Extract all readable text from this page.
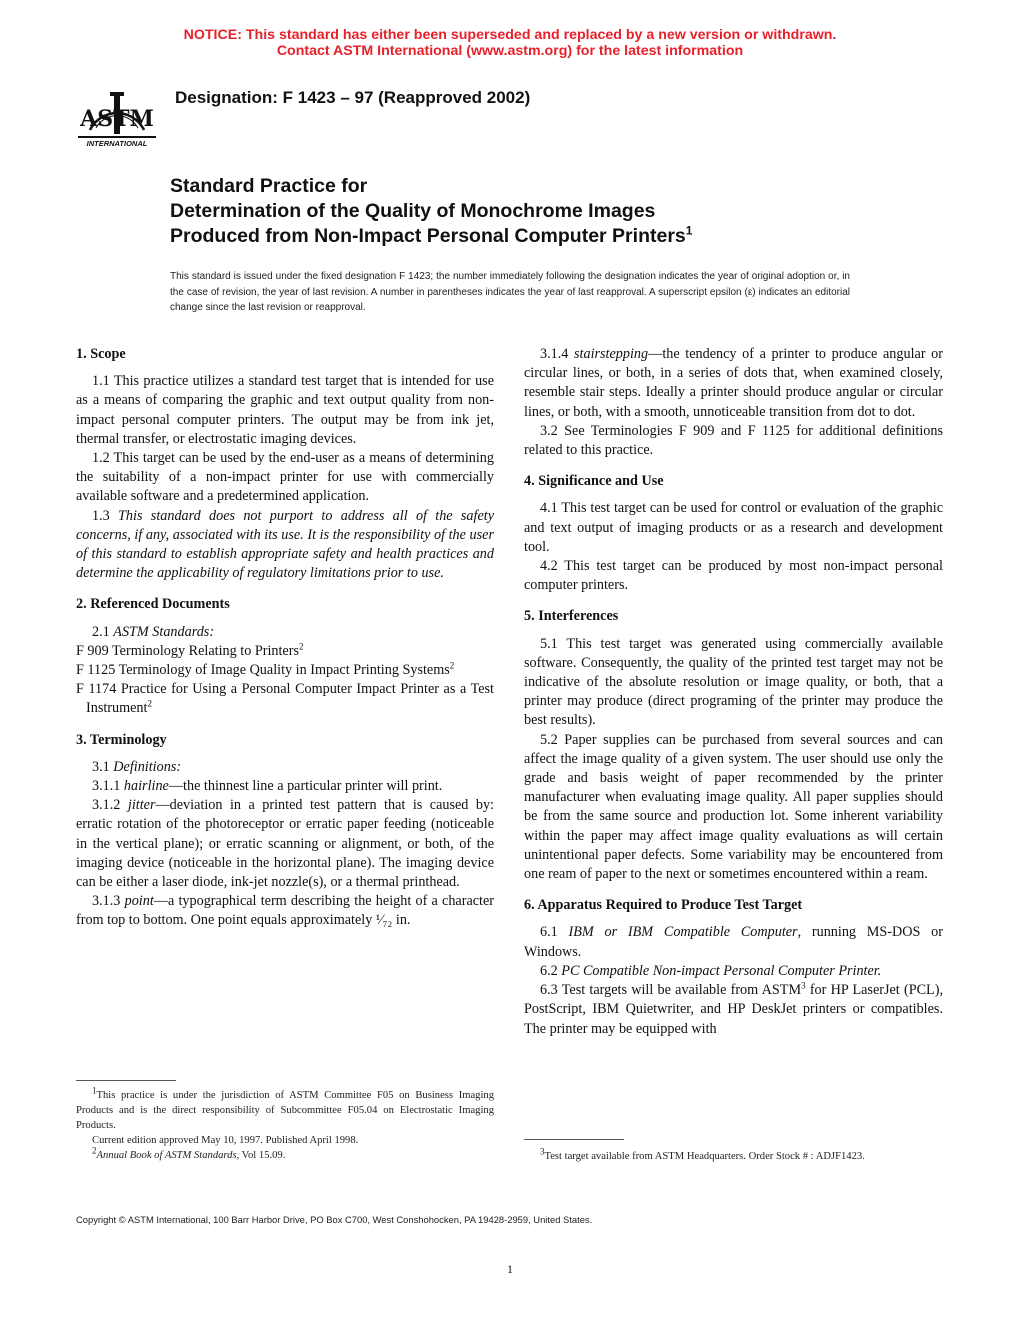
NOTICE: This standard has either been superseded and replaced by a new version or withdrawn.
Contact ASTM International (www.astm.org) for the latest information
ASTM
INTERNATIONAL
Designation: F 1423 – 97 (Reapproved 2002)
Standard Practice for
Determination of the Quality of Monochrome Images
Produced from Non-Impact Personal Computer Printers$^1$
This standard is issued under the fixed designation F 1423; the number immediately following the designation indicates the year of original adoption or, in the case of revision, the year of last revision. A number in parentheses indicates the year of last reapproval. A superscript epsilon (ε) indicates an editorial change since the last revision or reapproval.
1. Scope

1.1 This practice utilizes a standard test target that is intended for use as a means of comparing the graphic and text output quality from non-impact personal computer printers. The output may be from ink jet, thermal transfer, or electrostatic imaging devices.

1.2 This target can be used by the end-user as a means of determining the suitability of a non-impact printer for use with commercially available software and a predetermined application.

1.3 This standard does not purport to address all of the safety concerns, if any, associated with its use. It is the responsibility of the user of this standard to establish appropriate safety and health practices and determine the applicability of regulatory limitations prior to use.

2. Referenced Documents

2.1 ASTM Standards:

F 909 Terminology Relating to Printers$^2$

F 1125 Terminology of Image Quality in Impact Printing Systems$^2$

F 1174 Practice for Using a Personal Computer Impact Printer as a Test Instrument$^2$

3. Terminology

3.1 Definitions:

3.1.1 hairline—the thinnest line a particular printer will print.

3.1.2 jitter—deviation in a printed test pattern that is caused by: erratic rotation of the photoreceptor or erratic paper feeding (noticeable in the vertical plane); or erratic scanning or alignment, or both, of the imaging device (noticeable in the horizontal plane). The imaging device can be either a laser diode, ink-jet nozzle(s), or a thermal printhead.

3.1.3 point—a typographical term describing the height of a character from top to bottom. One point equals approximately ¹⁄₇₂ in.

3.1.4 stairstepping—the tendency of a printer to produce angular or circular lines, or both, in a series of dots that, when examined closely, resemble stair steps. Ideally a printer should produce angular or circular lines, or both, with a smooth, unnoticeable transition from dot to dot.

3.2 See Terminologies F 909 and F 1125 for additional definitions related to this practice.

4. Significance and Use

4.1 This test target can be used for control or evaluation of the graphic and text output of imaging products or as a research and development tool.

4.2 This test target can be produced by most non-impact personal computer printers.

5. Interferences

5.1 This test target was generated using commercially available software. Consequently, the quality of the printed test target may not be indicative of the absolute resolution or image quality, or both, that a printer may produce (direct programing of the printer may produce the best results).

5.2 Paper supplies can be purchased from several sources and can affect the image quality of a given system. The user should use only the grade and basis weight of paper recommended by the printer manufacturer when evaluating image quality. All paper supplies should be from the same source and production lot. Some inherent variability within the paper may affect image quality evaluations as will certain unintentional paper defects. Some variability may be encountered from one ream of paper to the next or sometimes encountered within a ream.

6. Apparatus Required to Produce Test Target

6.1 IBM or IBM Compatible Computer, running MS-DOS or Windows.

6.2 PC Compatible Non-impact Personal Computer Printer.

6.3 Test targets will be available from ASTM$^3$ for HP LaserJet (PCL), PostScript, IBM Quietwriter, and HP DeskJet printers or compatibles. The printer may be equipped with

$^1$This practice is under the jurisdiction of ASTM Committee F05 on Business Imaging Products and is the direct responsibility of Subcommittee F05.04 on Electrostatic Imaging Products.

Current edition approved May 10, 1997. Published April 1998.

$^2$Annual Book of ASTM Standards, Vol 15.09.	$^3$Test target available from ASTM Headquarters. Order Stock # : ADJF1423.

Copyright © ASTM International, 100 Barr Harbor Drive, PO Box C700, West Conshohocken, PA 19428-2959, United States.
1
